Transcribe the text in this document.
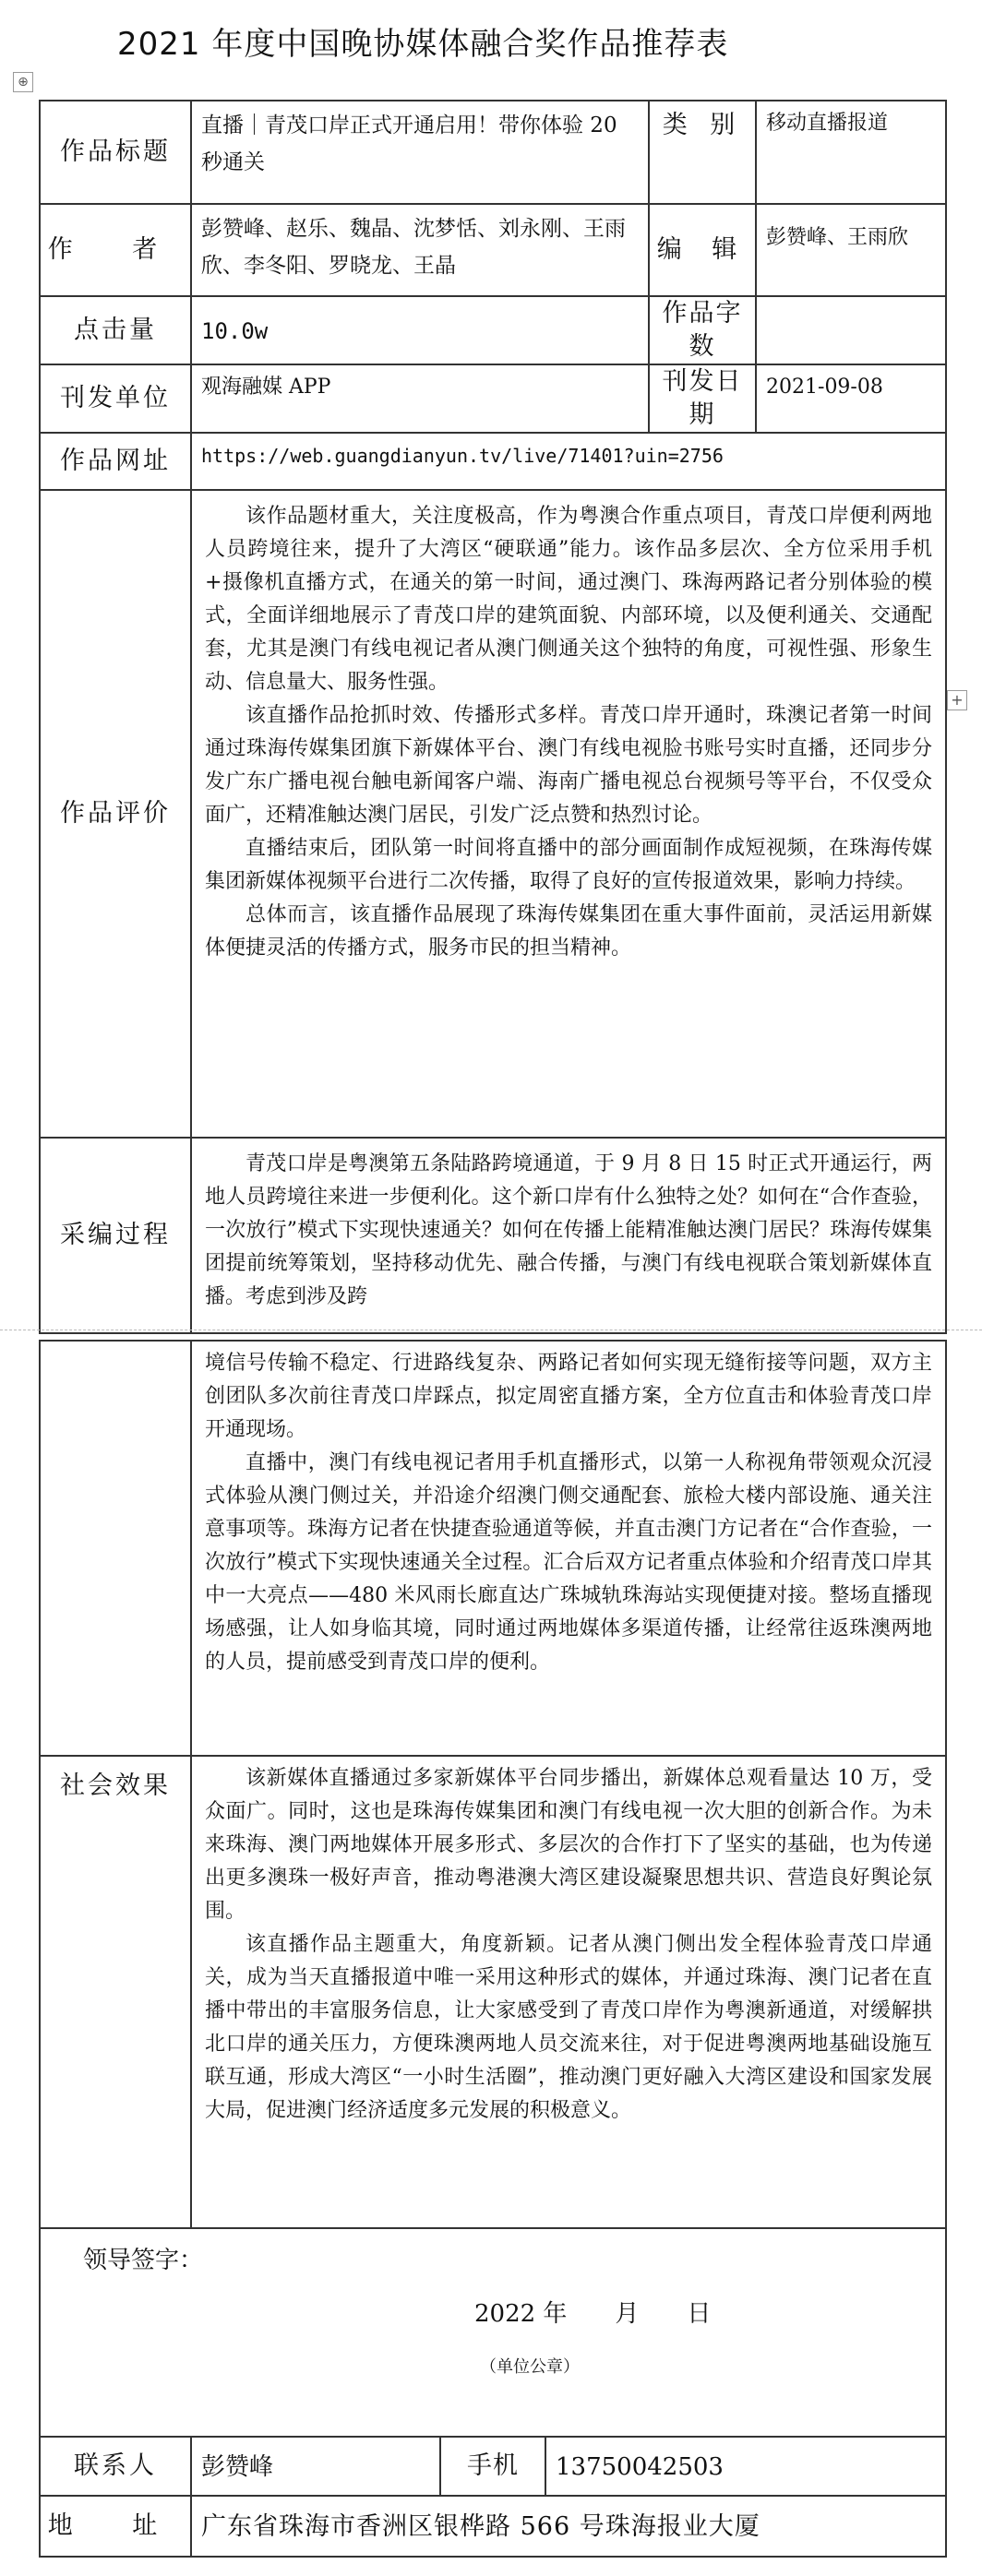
2021 年度中国晚协媒体融合奖作品推荐表
⊕
作品标题	直播｜青茂口岸正式开通启用！带你体验 20 秒通关	类 别	移动直播报道
作 者	彭赞峰、赵乐、魏晶、沈梦恬、刘永刚、王雨欣、李冬阳、罗晓龙、王晶	编 辑	彭赞峰、王雨欣
点击量	10.0w	作品字数	
刊发单位	观海融媒 APP	刊发日期	2021-09-08
作品网址	https://web.guangdianyun.tv/live/71401?uin=2756		
作品评价	该作品题材重大，关注度极高，作为粤澳合作重点项目，青茂口岸便利两地人员跨境往来，提升了大湾区“硬联通”能力。该作品多层次、全方位采用手机+摄像机直播方式，在通关的第一时间，通过澳门、珠海两路记者分别体验的模式，全面详细地展示了青茂口岸的建筑面貌、内部环境，以及便利通关、交通配套，尤其是澳门有线电视记者从澳门侧通关这个独特的角度，可视性强、形象生动、信息量大、服务性强。

该直播作品抢抓时效、传播形式多样。青茂口岸开通时，珠澳记者第一时间通过珠海传媒集团旗下新媒体平台、澳门有线电视脸书账号实时直播，还同步分发广东广播电视台触电新闻客户端、海南广播电视总台视频号等平台，不仅受众面广，还精准触达澳门居民，引发广泛点赞和热烈讨论。

直播结束后，团队第一时间将直播中的部分画面制作成短视频，在珠海传媒集团新媒体视频平台进行二次传播，取得了良好的宣传报道效果，影响力持续。

总体而言，该直播作品展现了珠海传媒集团在重大事件面前，灵活运用新媒体便捷灵活的传播方式，服务市民的担当精神。		

采编过程	青茂口岸是粤澳第五条陆路跨境通道，于 9 月 8 日 15 时正式开通运行，两地人员跨境往来进一步便利化。这个新口岸有什么独特之处？如何在“合作查验，一次放行”模式下实现快速通关？如何在传播上能精准触达澳门居民？珠海传媒集团提前统筹策划，坚持移动优先、融合传播，与澳门有线电视联合策划新媒体直播。考虑到涉及跨		

+

	境信号传输不稳定、行进路线复杂、两路记者如何实现无缝衔接等问题，双方主创团队多次前往青茂口岸踩点，拟定周密直播方案，全方位直击和体验青茂口岸开通现场。

直播中，澳门有线电视记者用手机直播形式，以第一人称视角带领观众沉浸式体验从澳门侧过关，并沿途介绍澳门侧交通配套、旅检大楼内部设施、通关注意事项等。珠海方记者在快捷查验通道等候，并直击澳门方记者在“合作查验，一次放行”模式下实现快速通关全过程。汇合后双方记者重点体验和介绍青茂口岸其中一大亮点——480 米风雨长廊直达广珠城轨珠海站实现便捷对接。整场直播现场感强，让人如身临其境，同时通过两地媒体多渠道传播，让经常往返珠澳两地的人员，提前感受到青茂口岸的便利。		

社会效果	该新媒体直播通过多家新媒体平台同步播出，新媒体总观看量达 10 万，受众面广。同时，这也是珠海传媒集团和澳门有线电视一次大胆的创新合作。为未来珠海、澳门两地媒体开展多形式、多层次的合作打下了坚实的基础，也为传递出更多澳珠一极好声音，推动粤港澳大湾区建设凝聚思想共识、营造良好舆论氛围。

该直播作品主题重大，角度新颖。记者从澳门侧出发全程体验青茂口岸通关，成为当天直播报道中唯一采用这种形式的媒体，并通过珠海、澳门记者在直播中带出的丰富服务信息，让大家感受到了青茂口岸作为粤澳新通道，对缓解拱北口岸的通关压力，方便珠澳两地人员交流来往，对于促进粤澳两地基础设施互联互通，形成大湾区“一小时生活圈”，推动澳门更好融入大湾区建设和国家发展大局，促进澳门经济适度多元发展的积极意义。		

领导签字：
2022 年　　月　　日
（单位公章）			

联系人	彭赞峰	手机	13750042503
地 址	广东省珠海市香洲区银桦路 566 号珠海报业大厦		
